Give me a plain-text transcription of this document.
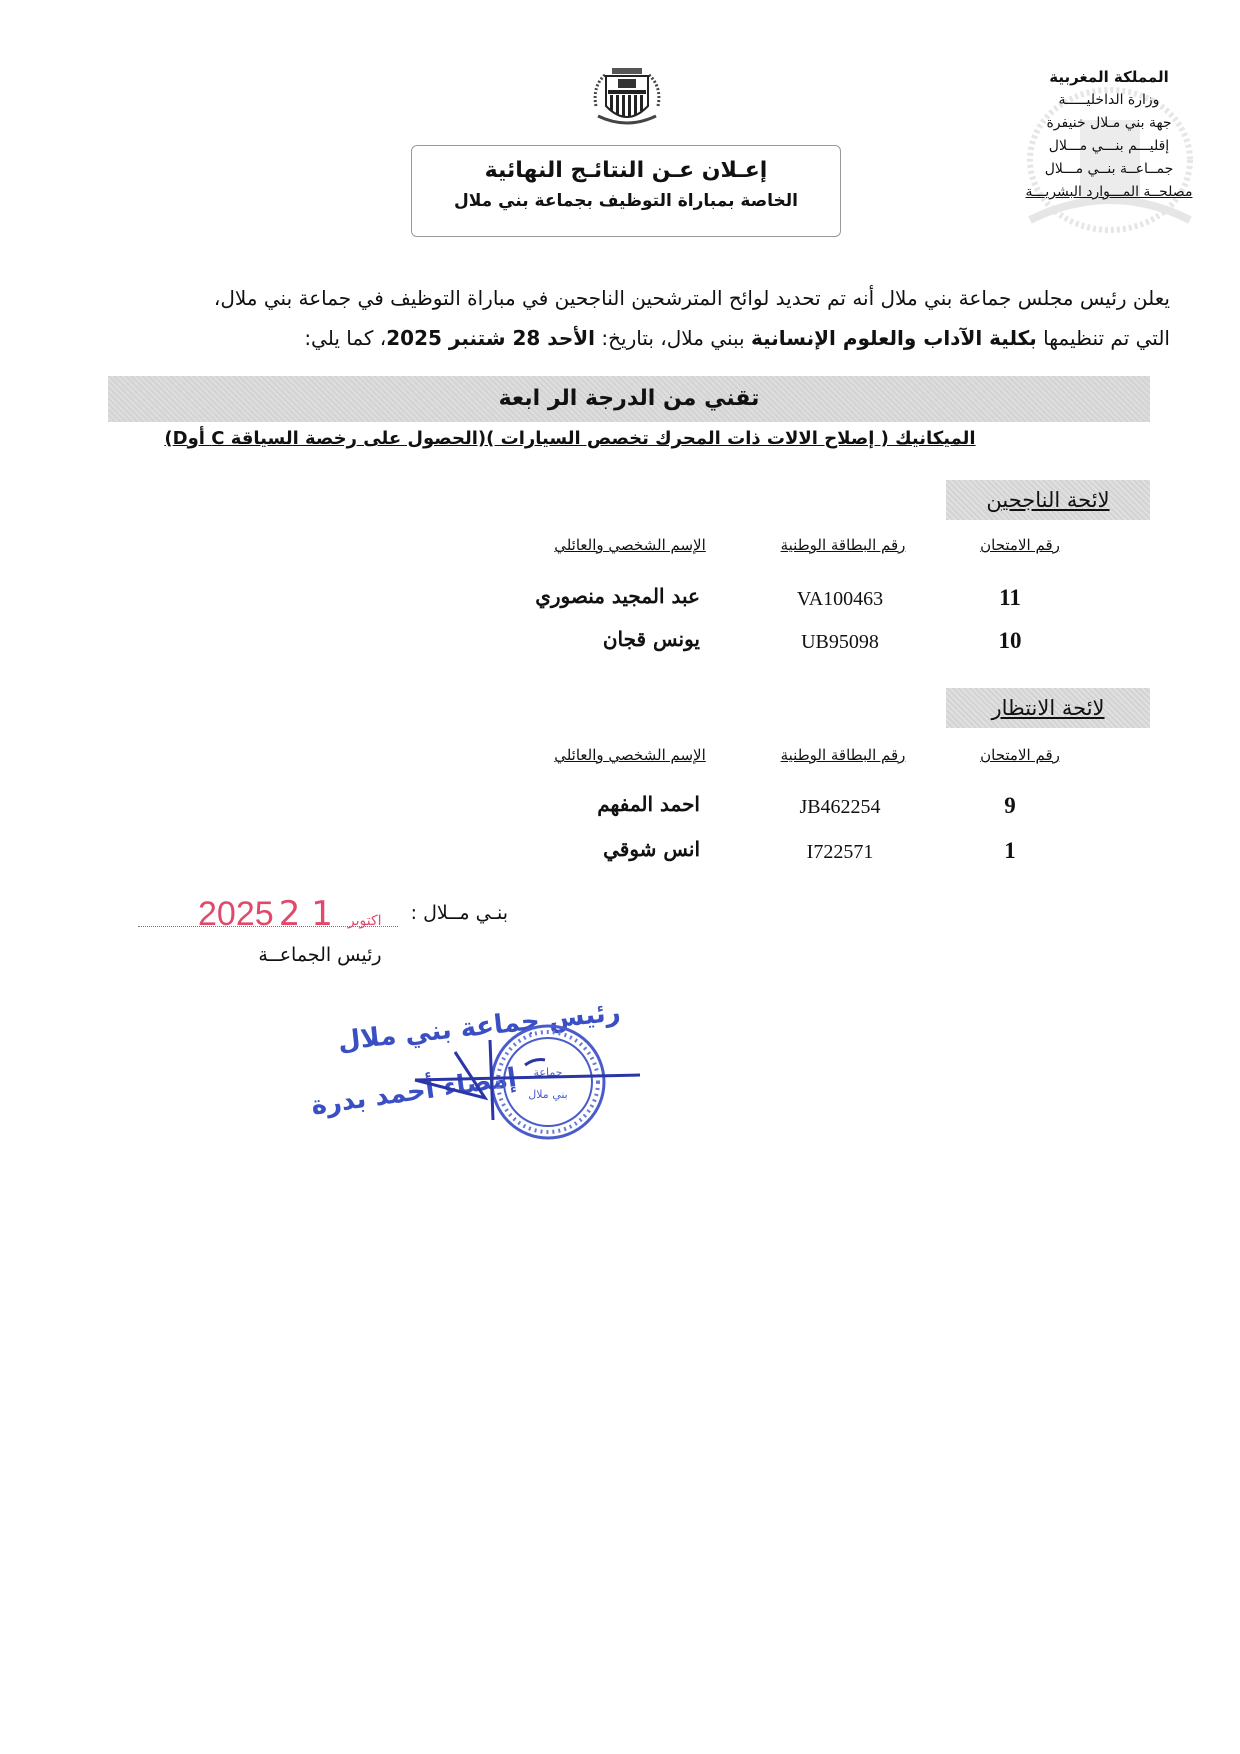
المملكة المغربية
وزارة الداخليـــــة
جهة بني مـلال خنيفرة
إقليـــم بنـــي مـــلال
جمــاعــة بنــي مـــلال
مصلحــة المـــوارد البشريـــة
إعـلان عـن النتائـج النهائية
الخاصة بمباراة التوظيف بجماعة بني ملال
يعلن رئيس مجلس جماعة بني ملال أنه تم تحديد لوائح المترشحين الناجحين في مباراة التوظيف في جماعة بني ملال،
التي تم تنظيمها بكلية الآداب والعلوم الإنسانية ببني ملال، بتاريخ: الأحد 28 شتنبر 2025، كما يلي:
تقني من الدرجة الر ابعة
الميكانيك ( إصلاح الالات ذات المحرك تخصص السيارات )(الحصول على رخصة السياقة C أوD)
لائحة الناجحين
رقم الامتحان
رقم البطاقة الوطنية
الإسم الشخصي والعائلي
11
VA100463
عبد المجيد منصوري
10
UB95098
يونس قجان
لائحة الانتظار
رقم الامتحان
رقم البطاقة الوطنية
الإسم الشخصي والعائلي
9
JB462254
احمد المفهم
1
I722571
انس شوقي
بنـي مــلال :
2025	اكتوبر 1 2
رئيس الجماعــة
رئيس جماعة بني ملال
إمضاء أحمد بدرة جماعة
بني ملال
